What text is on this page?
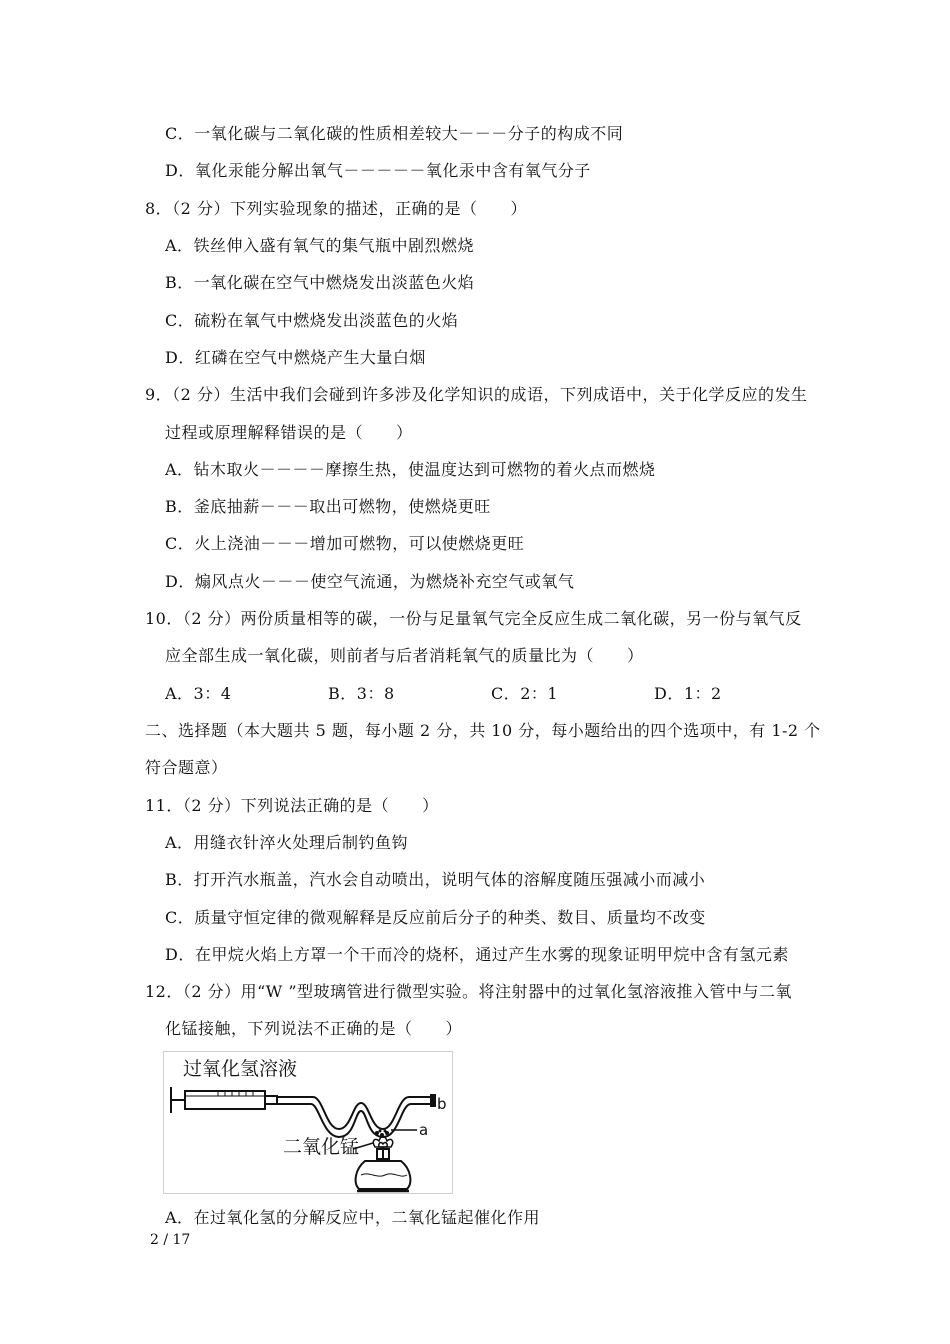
C．一氧化碳与二氧化碳的性质相差较大－－－分子的构成不同
D．氧化汞能分解出氧气－－－－－氧化汞中含有氧气分子
8．（2 分）下列实验现象的描述，正确的是（　　）
A．铁丝伸入盛有氧气的集气瓶中剧烈燃烧
B．一氧化碳在空气中燃烧发出淡蓝色火焰
C．硫粉在氧气中燃烧发出淡蓝色的火焰
D．红磷在空气中燃烧产生大量白烟
9．（2 分）生活中我们会碰到许多涉及化学知识的成语，下列成语中，关于化学反应的发生
过程或原理解释错误的是（　　）
A．钻木取火－－－－摩擦生热，使温度达到可燃物的着火点而燃烧
B．釜底抽薪－－－取出可燃物，使燃烧更旺
C．火上浇油－－－增加可燃物，可以使燃烧更旺
D．煽风点火－－－使空气流通，为燃烧补充空气或氧气
10．（2 分）两份质量相等的碳，一份与足量氧气完全反应生成二氧化碳，另一份与氧气反
应全部生成一氧化碳，则前者与后者消耗氧气的质量比为（　　）
A．3：4	B．3：8	C．2：1	D．1：2
二、选择题（本大题共 5 题，每小题 2 分，共 10 分，每小题给出的四个选项中，有 1-2 个
符合题意）
11．（2 分）下列说法正确的是（　　）
A．用缝衣针淬火处理后制钓鱼钩
B．打开汽水瓶盖，汽水会自动喷出，说明气体的溶解度随压强减小而减小
C．质量守恒定律的微观解释是反应前后分子的种类、数目、质量均不改变
D．在甲烷火焰上方罩一个干而冷的烧杯，通过产生水雾的现象证明甲烷中含有氢元素
12．（2 分）用“W ”型玻璃管进行微型实验。将注射器中的过氧化氢溶液推入管中与二氧
化锰接触，下列说法不正确的是（　　）
过氧化氢溶液
b
a
二氧化锰
A．在过氧化氢的分解反应中，二氧化锰起催化作用
2 / 17
